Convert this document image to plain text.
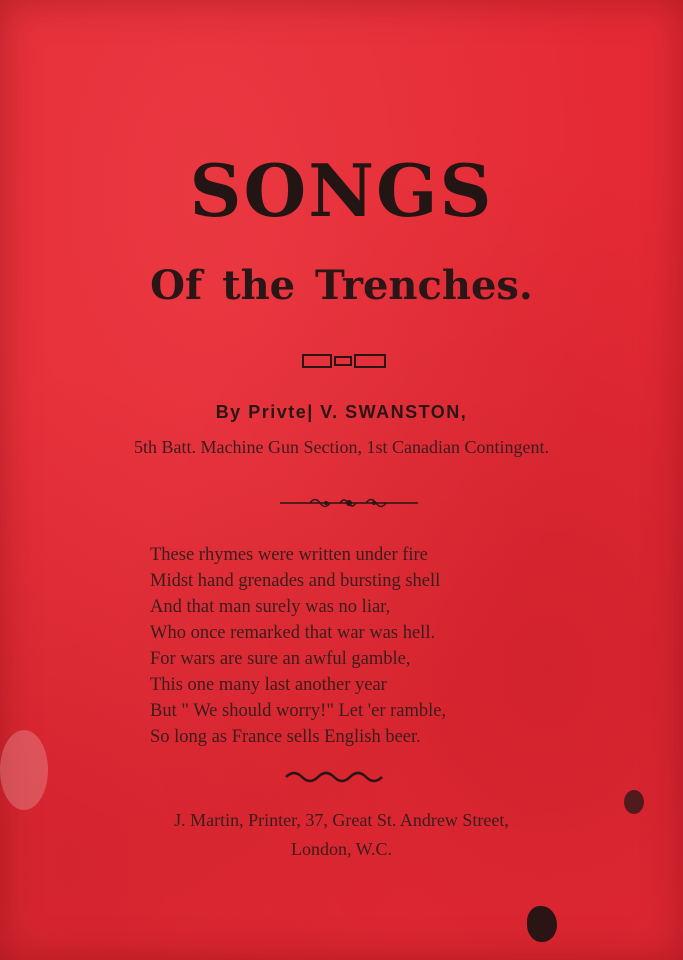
SONGS
Of the Trenches.
By Privte| V. SWANSTON,
5th Batt. Machine Gun Section, 1st Canadian Contingent.
These rhymes were written under fire
Midst hand grenades and bursting shell
And that man surely was no liar,
Who once remarked that war was hell.
For wars are sure an awful gamble,
This one many last another year
But " We should worry!" Let 'er ramble,
So long as France sells English beer.
J. Martin, Printer, 37, Great St. Andrew Street,
London, W.C.
